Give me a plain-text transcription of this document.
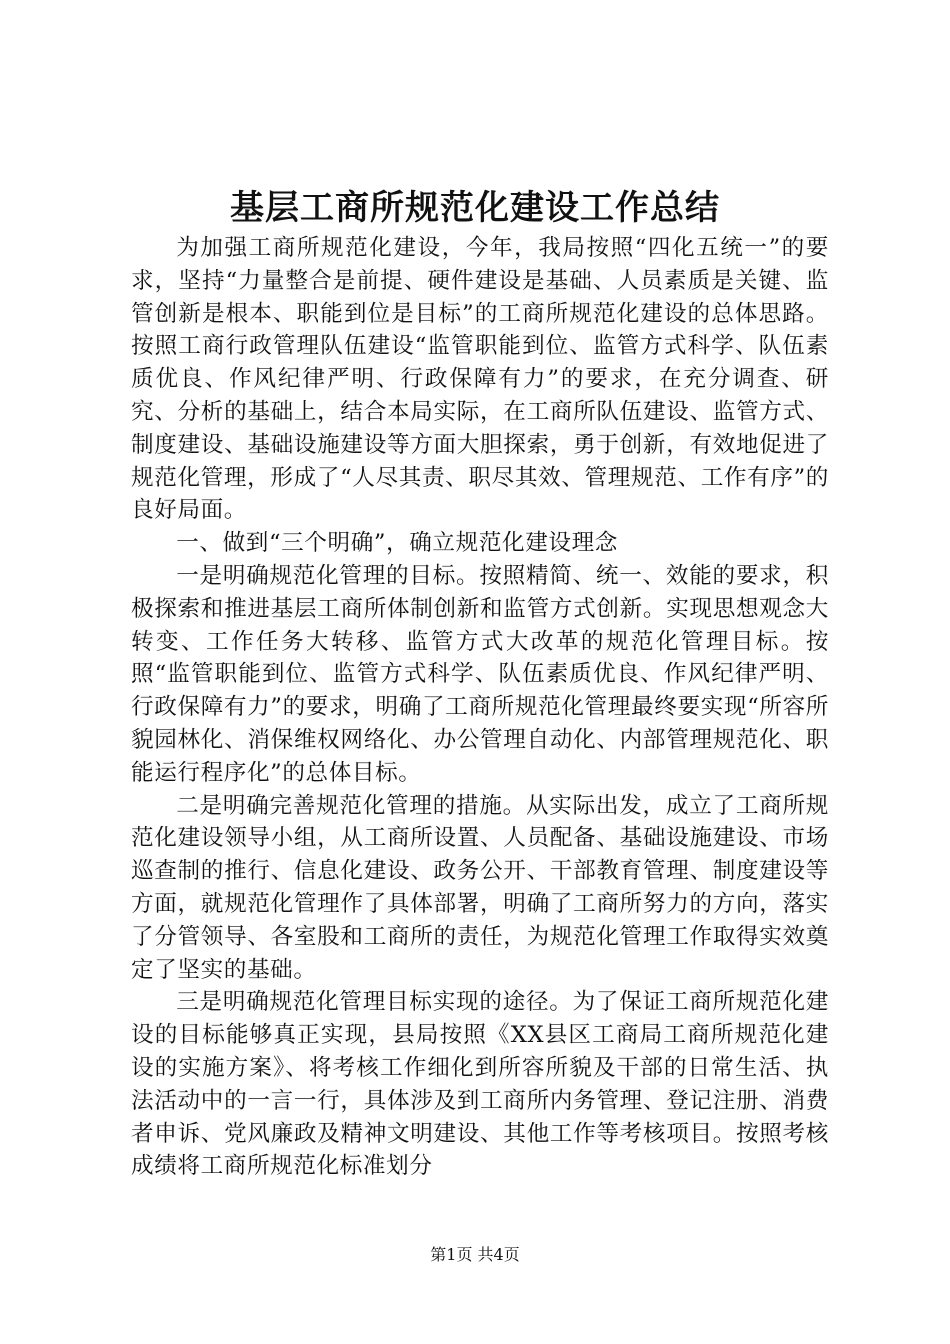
基层工商所规范化建设工作总结

为加强工商所规范化建设，今年，我局按照“四化五统一”的要求，坚持“力量整合是前提、硬件建设是基础、人员素质是关键、监管创新是根本、职能到位是目标”的工商所规范化建设的总体思路。按照工商行政管理队伍建设“监管职能到位、监管方式科学、队伍素质优良、作风纪律严明、行政保障有力”的要求，在充分调查、研究、分析的基础上，结合本局实际，在工商所队伍建设、监管方式、制度建设、基础设施建设等方面大胆探索，勇于创新，有效地促进了规范化管理，形成了“人尽其责、职尽其效、管理规范、工作有序”的良好局面。

一、做到“三个明确”，确立规范化建设理念

一是明确规范化管理的目标。按照精简、统一、效能的要求，积极探索和推进基层工商所体制创新和监管方式创新。实现思想观念大转变、工作任务大转移、监管方式大改革的规范化管理目标。按照“监管职能到位、监管方式科学、队伍素质优良、作风纪律严明、行政保障有力”的要求，明确了工商所规范化管理最终要实现“所容所貌园林化、消保维权网络化、办公管理自动化、内部管理规范化、职能运行程序化”的总体目标。

二是明确完善规范化管理的措施。从实际出发，成立了工商所规范化建设领导小组，从工商所设置、人员配备、基础设施建设、市场巡查制的推行、信息化建设、政务公开、干部教育管理、制度建设等方面，就规范化管理作了具体部署，明确了工商所努力的方向，落实了分管领导、各室股和工商所的责任，为规范化管理工作取得实效奠定了坚实的基础。

三是明确规范化管理目标实现的途径。为了保证工商所规范化建设的目标能够真正实现，县局按照《XX县区工商局工商所规范化建设的实施方案》、将考核工作细化到所容所貌及干部的日常生活、执法活动中的一言一行，具体涉及到工商所内务管理、登记注册、消费者申诉、党风廉政及精神文明建设、其他工作等考核项目。按照考核成绩将工商所规范化标准划分

第1页 共4页
